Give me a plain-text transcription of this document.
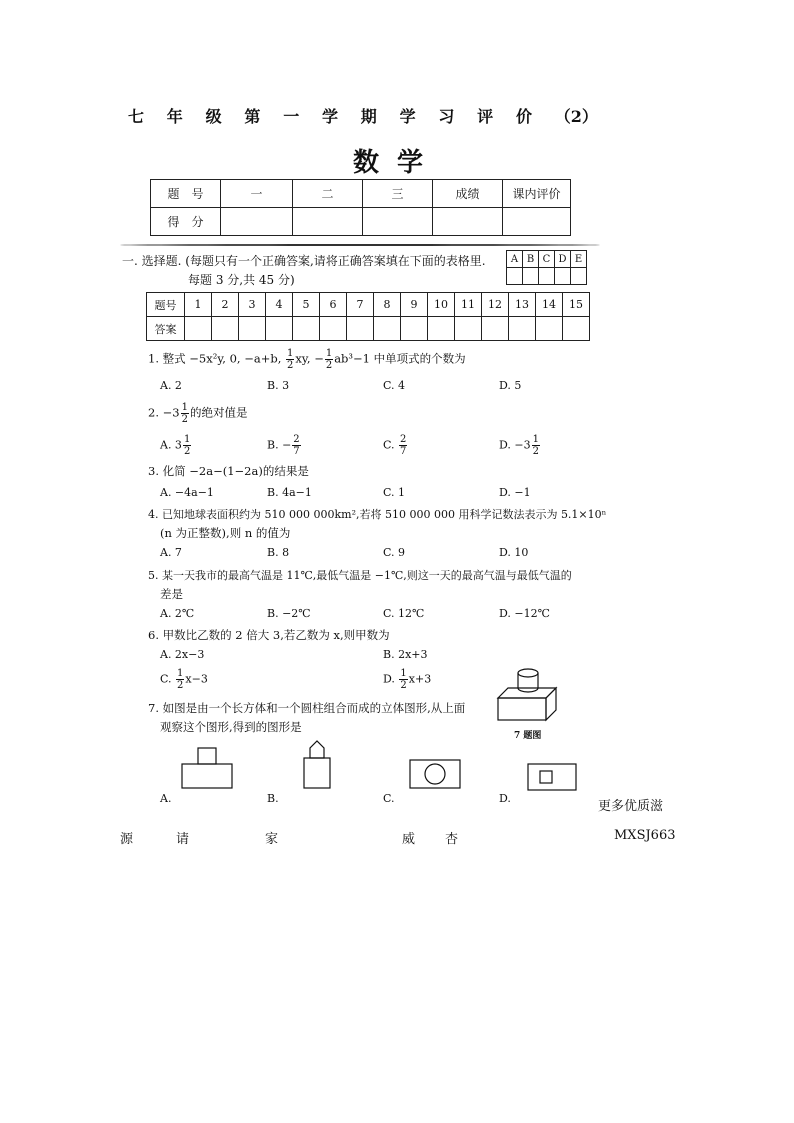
七 年 级 第 一 学 期 学 习 评 价 （2）
数学
题　号	一	二	三	成绩	课内评价
得　分					
一. 选择题. (每题只有一个正确答案,请将正确答案填在下面的表格里.
每题 3 分,共 45 分)
A	B	C	D	E

题号	1	2	3	4	5	6	7	8	9	10	11	12	13	14	15
答案															
1. 整式 −5x²y, 0, −a+b, $\frac{1}{2}$ xy, − $\frac{1}{2} ab^3-1$ 中单项式的个数为
A. 2	B. 3	C. 4	D. 5
2. $-3 \frac{1}{2}$ 的绝对值是
A. $3 \frac{1}{2}$	B. − $\frac{2}{7}$	C. $\frac{2}{7}$	D. $-3 \frac{1}{2}$
3. 化简 −2a−(1−2a)的结果是
A. −4a−1	B. 4a−1	C. 1	D. −1
4. 已知地球表面积约为 510 000 000km²,若将 510 000 000 用科学记数法表示为 5.1×10ⁿ
(n 为正整数),则 n 的值为
A. 7	B. 8	C. 9	D. 10
5. 某一天我市的最高气温是 11℃,最低气温是 −1℃,则这一天的最高气温与最低气温的
差是
A. 2℃	B. −2℃	C. 12℃	D. −12℃
6. 甲数比乙数的 2 倍大 3,若乙数为 x,则甲数为
A. 2x−3	B. 2x+3
C. $\frac{1}{2} x-3$	D. $\frac{1}{2} x+3$
7. 如图是由一个长方体和一个圆柱组合而成的立体图形,从上面
观察这个图形,得到的图形是
7 题图
A.	B.	C.	D.
更多优质滋
源	请	家	威 杏	MXSJ663
